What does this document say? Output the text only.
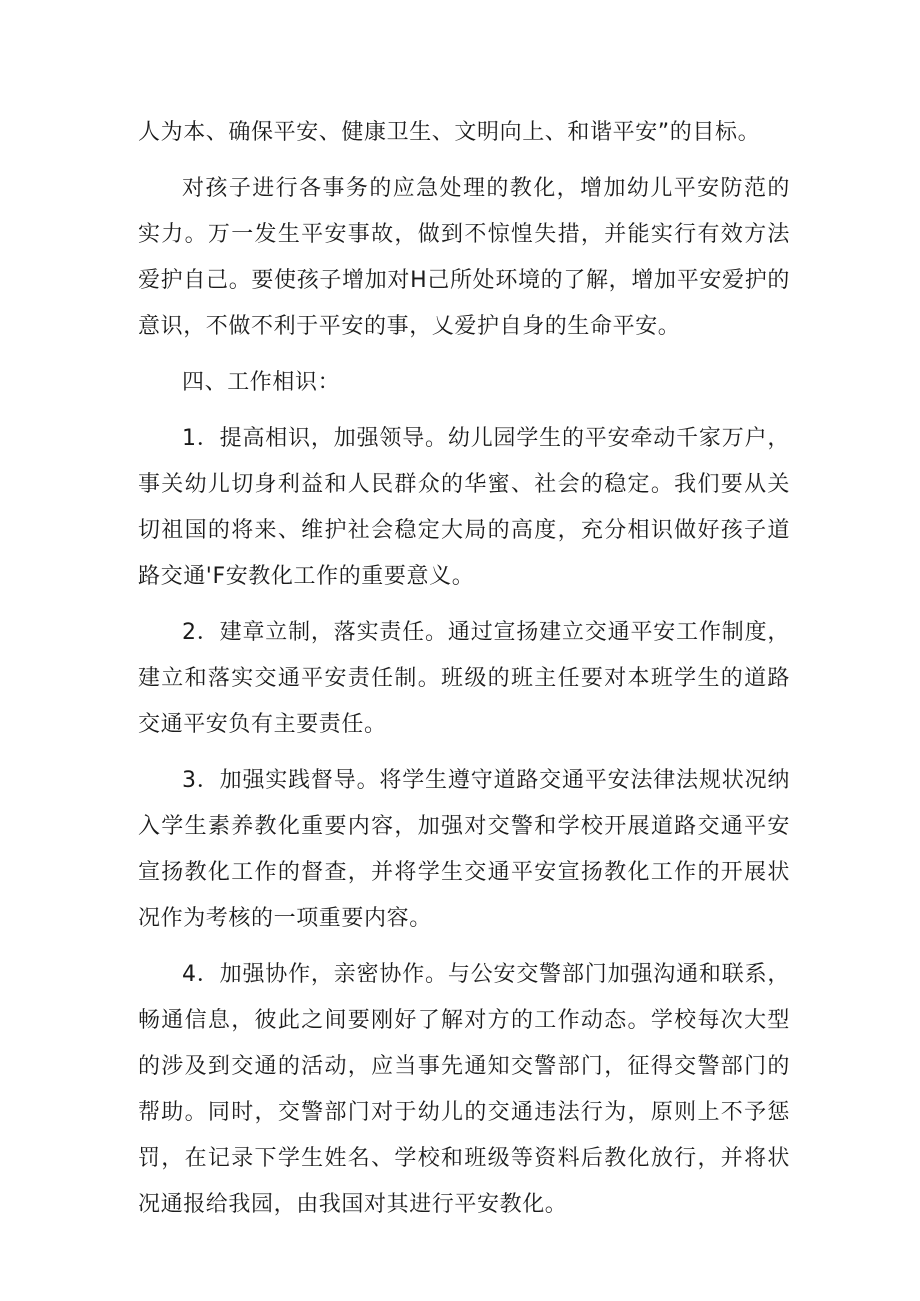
人为本、确保平安、健康卫生、文明向上、和谐平安”的目标。

对孩子进行各事务的应急处理的教化，增加幼儿平安防范的实力。万一发生平安事故，做到不惊惶失措，并能实行有效方法爱护自己。要使孩子增加对H己所处环境的了解，增加平安爱护的意识，不做不利于平安的事，乂爱护自身的生命平安。

四、工作相识：

1．提高相识，加强领导。幼儿园学生的平安牵动千家万户，事关幼儿切身利益和人民群众的华蜜、社会的稳定。我们要从关切祖国的将来、维护社会稳定大局的高度，充分相识做好孩子道路交通'F安教化工作的重要意义。

2．建章立制，落实责任。通过宣扬建立交通平安工作制度，建立和落实交通平安责任制。班级的班主任要对本班学生的道路交通平安负有主要责任。

3．加强实践督导。将学生遵守道路交通平安法律法规状况纳入学生素养教化重要内容，加强对交警和学校开展道路交通平安宣扬教化工作的督查，并将学生交通平安宣扬教化工作的开展状况作为考核的一项重要内容。

4．加强协作，亲密协作。与公安交警部门加强沟通和联系，畅通信息，彼此之间要刚好了解对方的工作动态。学校每次大型的涉及到交通的活动，应当事先通知交警部门，征得交警部门的帮助。同时，交警部门对于幼儿的交通违法行为，原则上不予惩罚，在记录下学生姓名、学校和班级等资料后教化放行，并将状况通报给我园，由我国对其进行平安教化。
